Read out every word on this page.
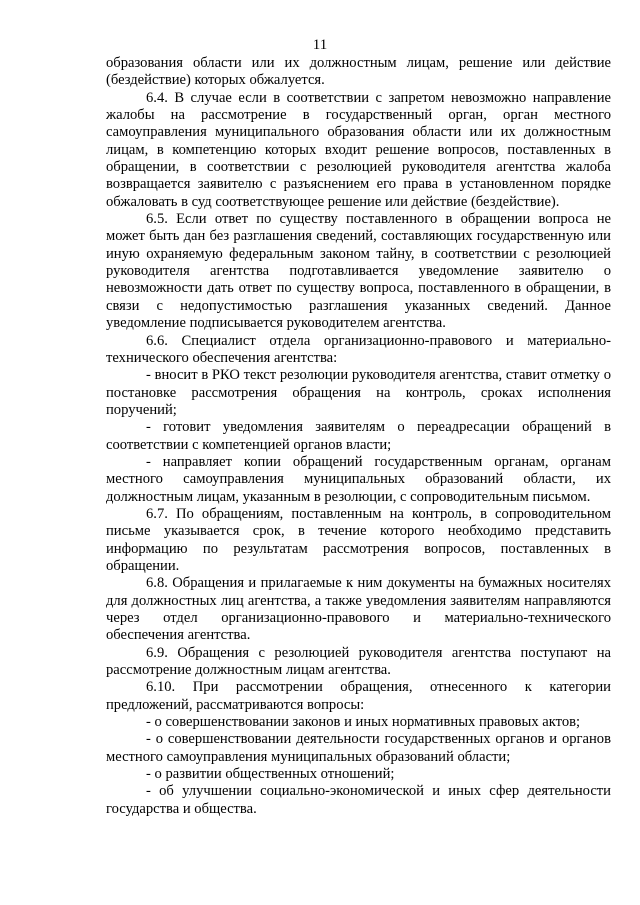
11

образования области или их должностным лицам, решение или действие (бездействие) которых обжалуется.

6.4. В случае если в соответствии с запретом невозможно направление жалобы на рассмотрение в государственный орган, орган местного самоуправления муниципального образования области или их должностным лицам, в компетенцию которых входит решение вопросов, поставленных в обращении, в соответствии с резолюцией руководителя агентства жалоба возвращается заявителю с разъяснением его права в установленном порядке обжаловать в суд соответствующее решение или действие (бездействие).

6.5. Если ответ по существу поставленного в обращении вопроса не может быть дан без разглашения сведений, составляющих государственную или иную охраняемую федеральным законом тайну, в соответствии с резолюцией руководителя агентства подготавливается уведомление заявителю о невозможности дать ответ по существу вопроса, поставленного в обращении, в связи с недопустимостью разглашения указанных сведений. Данное уведомление подписывается руководителем агентства.

6.6. Специалист отдела организационно-правового и материально-технического обеспечения агентства:

- вносит в РКО текст резолюции руководителя агентства, ставит отметку о постановке рассмотрения обращения на контроль, сроках исполнения поручений;

- готовит уведомления заявителям о переадресации обращений в соответствии с компетенцией органов власти;

- направляет копии обращений государственным органам, органам местного самоуправления муниципальных образований области, их должностным лицам, указанным в резолюции, с сопроводительным письмом.

6.7. По обращениям, поставленным на контроль, в сопроводительном письме указывается срок, в течение которого необходимо представить информацию по результатам рассмотрения вопросов, поставленных в обращении.

6.8. Обращения и прилагаемые к ним документы на бумажных носителях для должностных лиц агентства, а также уведомления заявителям направляются через отдел организационно-правового и материально-технического обеспечения агентства.

6.9. Обращения с резолюцией руководителя агентства поступают на рассмотрение должностным лицам агентства.

6.10. При рассмотрении обращения, отнесенного к категории предложений, рассматриваются вопросы:

- о совершенствовании законов и иных нормативных правовых актов;

- о совершенствовании деятельности государственных органов и органов местного самоуправления муниципальных образований области;

- о развитии общественных отношений;

- об улучшении социально-экономической и иных сфер деятельности государства и общества.
